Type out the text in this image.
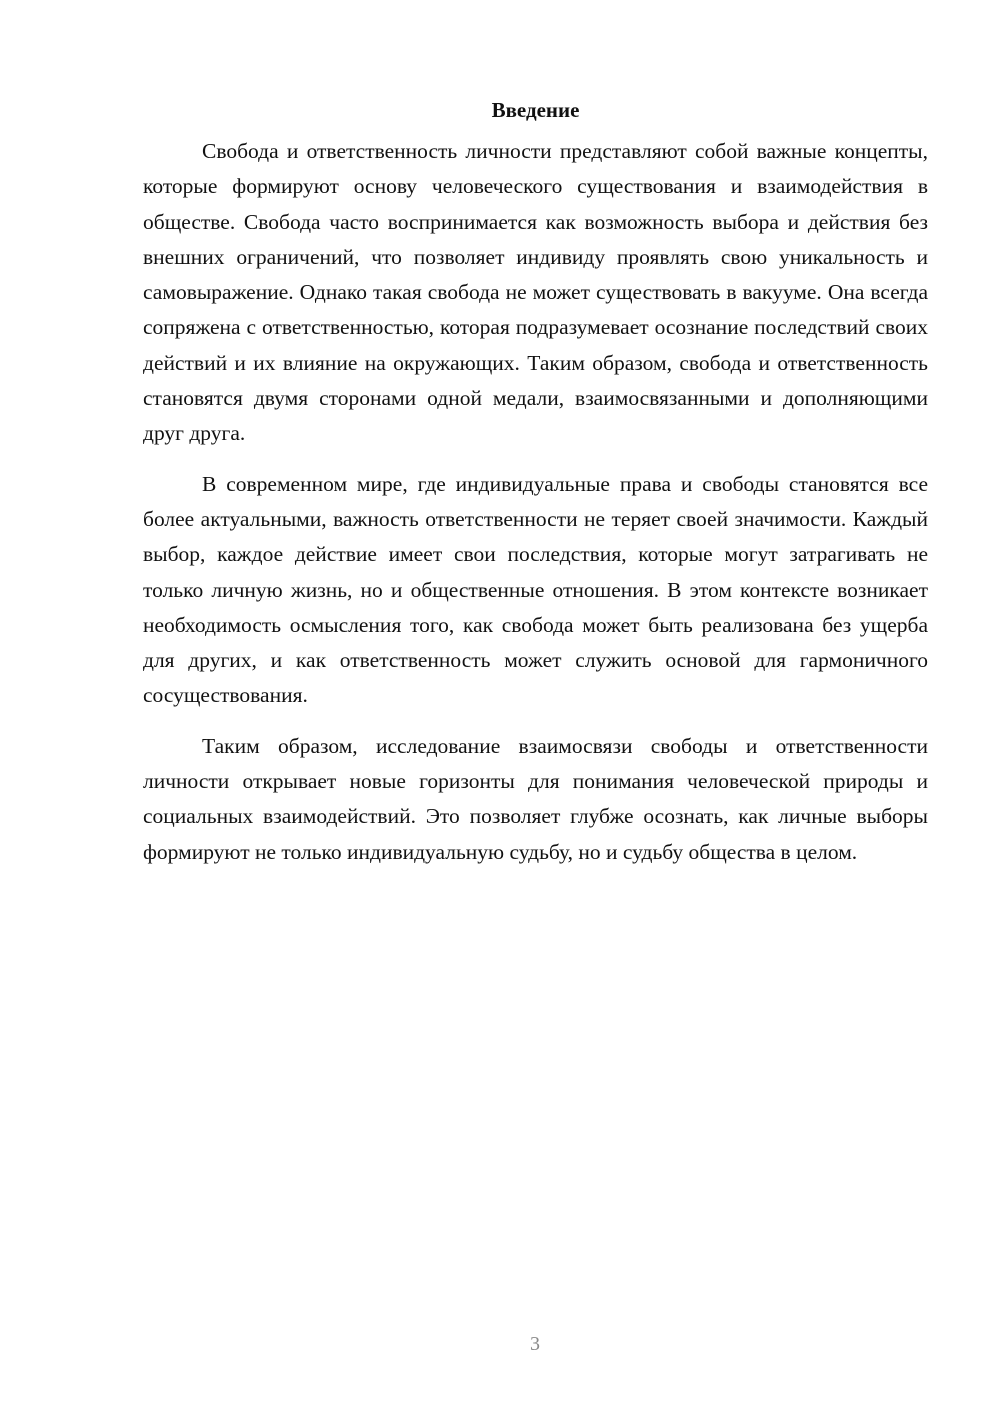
Введение

Свобода и ответственность личности представляют собой важные концепты, которые формируют основу человеческого существования и взаимодействия в обществе. Свобода часто воспринимается как возможность выбора и действия без внешних ограничений, что позволяет индивиду проявлять свою уникальность и самовыражение. Однако такая свобода не может существовать в вакууме. Она всегда сопряжена с ответственностью, которая подразумевает осознание последствий своих действий и их влияние на окружающих. Таким образом, свобода и ответственность становятся двумя сторонами одной медали, взаимосвязанными и дополняющими друг друга.

В современном мире, где индивидуальные права и свободы становятся все более актуальными, важность ответственности не теряет своей значимости. Каждый выбор, каждое действие имеет свои последствия, которые могут затрагивать не только личную жизнь, но и общественные отношения. В этом контексте возникает необходимость осмысления того, как свобода может быть реализована без ущерба для других, и как ответственность может служить основой для гармоничного сосуществования.

Таким образом, исследование взаимосвязи свободы и ответственности личности открывает новые горизонты для понимания человеческой природы и социальных взаимодействий. Это позволяет глубже осознать, как личные выборы формируют не только индивидуальную судьбу, но и судьбу общества в целом.

3
